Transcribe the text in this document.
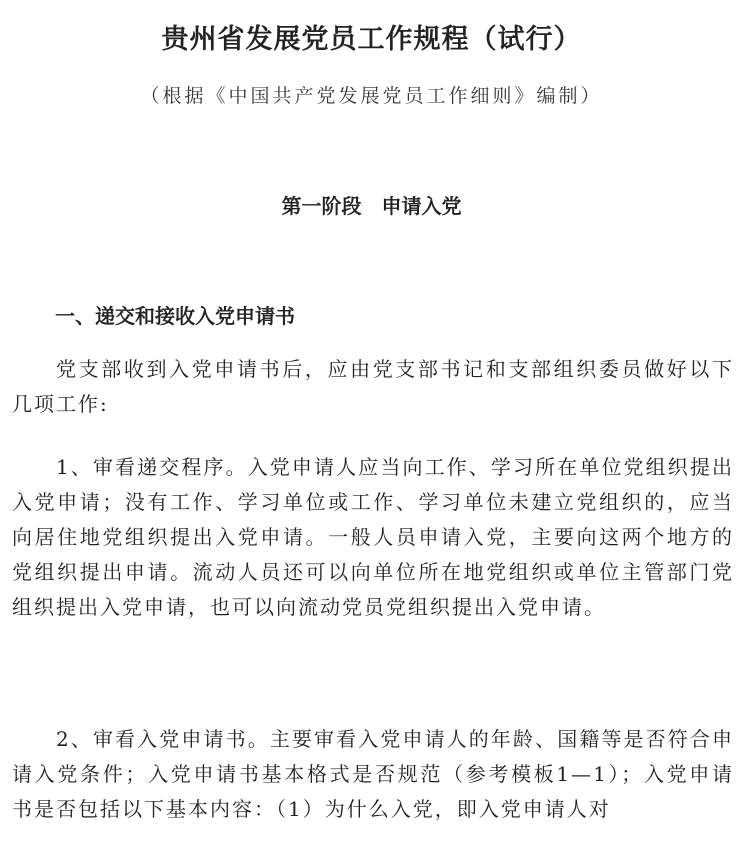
贵州省发展党员工作规程（试行）
（根据《中国共产党发展党员工作细则》编制）
第一阶段　申请入党
一、递交和接收入党申请书

党支部收到入党申请书后，应由党支部书记和支部组织委员做好以下几项工作:

1、审看递交程序。入党申请人应当向工作、学习所在单位党组织提出入党申请；没有工作、学习单位或工作、学习单位未建立党组织的，应当向居住地党组织提出入党申请。一般人员申请入党，主要向这两个地方的党组织提出申请。流动人员还可以向单位所在地党组织或单位主管部门党组织提出入党申请，也可以向流动党员党组织提出入党申请。

2、审看入党申请书。主要审看入党申请人的年龄、国籍等是否符合申请入党条件；入党申请书基本格式是否规范（参考模板1—1）；入党申请书是否包括以下基本内容：（1）为什么入党，即入党申请人对
